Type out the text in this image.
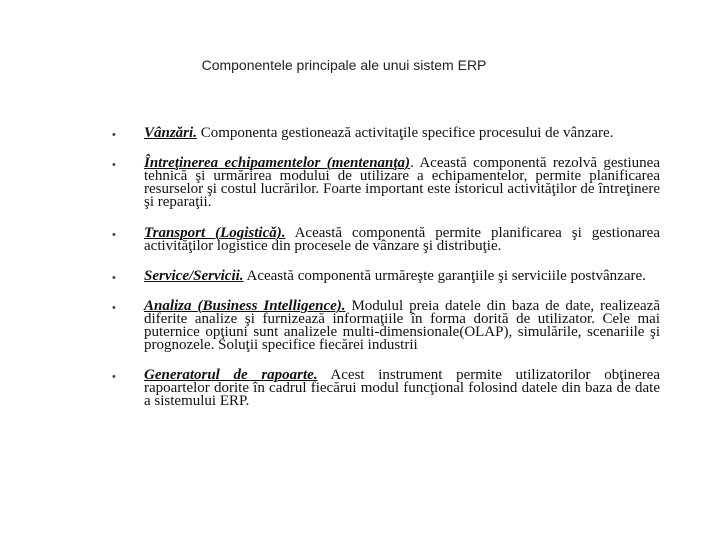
Componentele principale ale unui sistem ERP
• Vânzări. Componenta gestionează activitaţile specifice procesului de vânzare.

• Întreţinerea echipamentelor (mentenanţa). Această componentă rezolvă gestiunea tehnică şi urmărirea modului de utilizare a echipamentelor, permite planificarea resurselor şi costul lucrărilor. Foarte important este istoricul activităţilor de întreţinere şi reparaţii.

• Transport (Logistică). Această componentă permite planificarea şi gestionarea activităţilor logistice din procesele de vânzare şi distribuţie.

• Service/Servicii. Această componentă urmăreşte garanţiile şi serviciile postvânzare.

• Analiza (Business Intelligence). Modulul preia datele din baza de date, realizează diferite analize şi furnizează informaţiile în forma dorită de utilizator. Cele mai puternice opţiuni sunt analizele multi-dimensionale(OLAP), simulările, scenariile şi prognozele. Soluţii specifice fiecărei industrii

• Generatorul de rapoarte. Acest instrument permite utilizatorilor obţinerea rapoartelor dorite în cadrul fiecărui modul funcţional folosind datele din baza de date a sistemului ERP.
